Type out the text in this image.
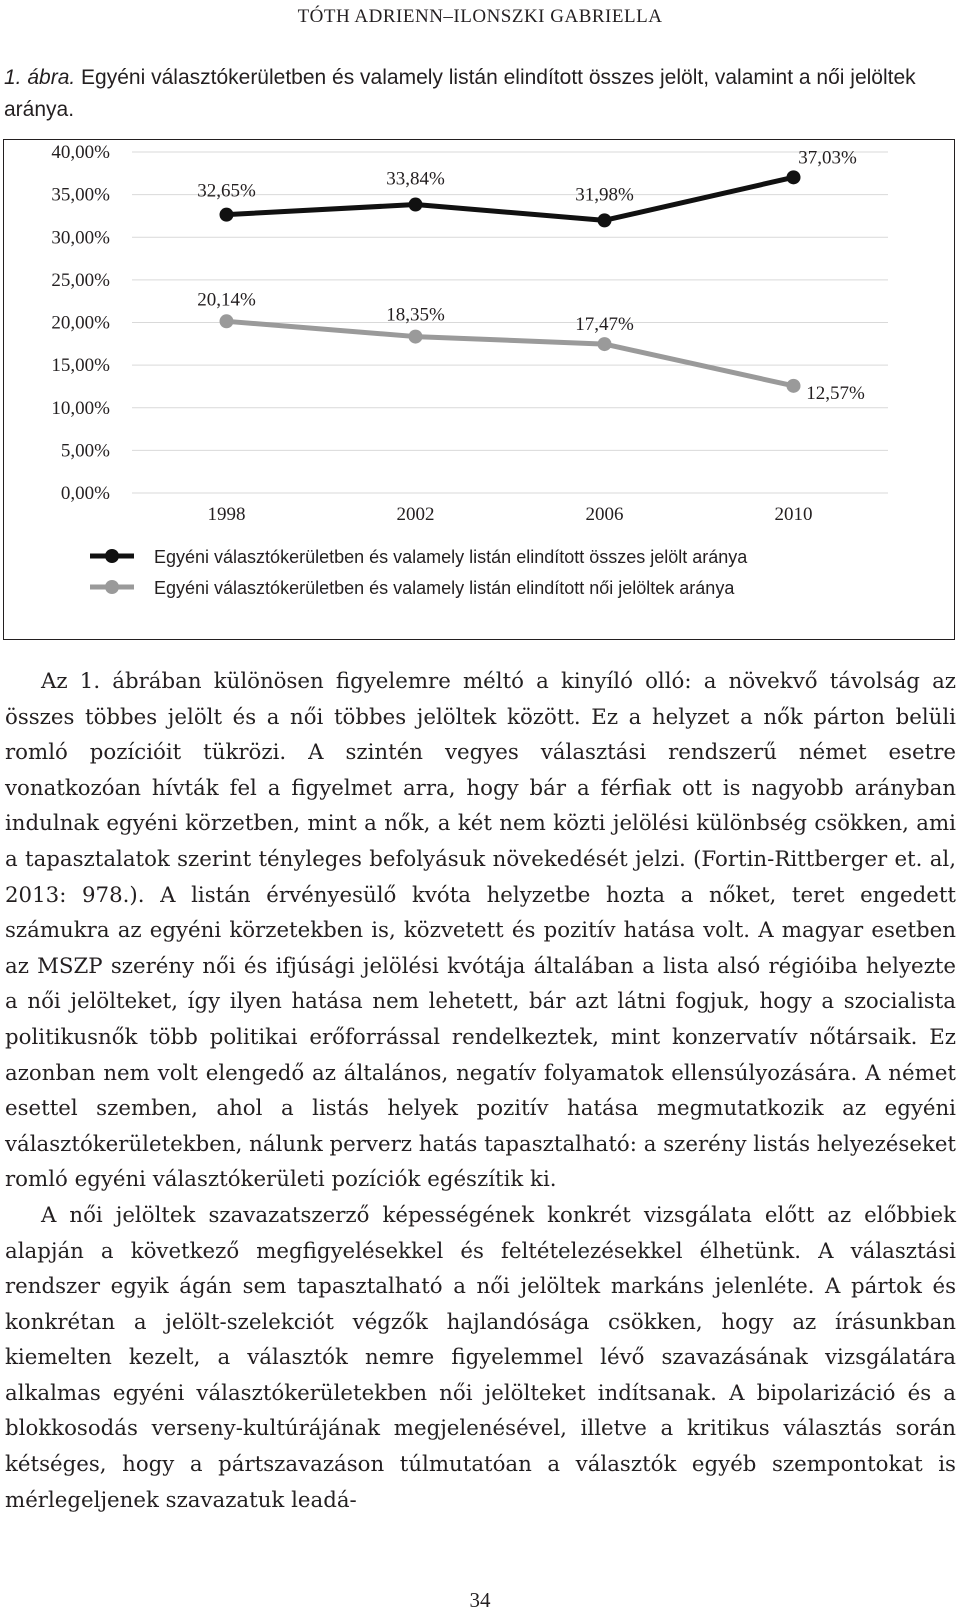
TÓTH ADRIENN–ILONSZKI GABRIELLA
1. ábra. Egyéni választókerületben és valamely listán elindított összes jelölt, valamint a női jelöltek aránya.
0,00%
5,00%
10,00%
15,00%
20,00%
25,00%
30,00%
35,00%
40,00%
1998	2002	2006	2010
32,65%
33,84%
31,98%
37,03%
20,14%
18,35%	17,47%
12,57%
Egyéni választókerületben és valamely listán elindított összes jelölt aránya
Egyéni választókerületben és valamely listán elindított női jelöltek aránya

Az 1. ábrában különösen figyelemre méltó a kinyíló olló: a növekvő távolság az összes többes jelölt és a női többes jelöltek között. Ez a helyzet a nők párton belüli romló pozícióit tükrözi. A szintén vegyes választási rendszerű német esetre vonatkozóan hívták fel a figyelmet arra, hogy bár a férfiak ott is nagyobb arányban indulnak egyéni körzetben, mint a nők, a két nem közti jelölési különbség csökken, ami a tapasztalatok szerint tényleges befolyásuk növekedését jelzi. (Fortin-Rittberger et. al, 2013: 978.). A listán érvényesülő kvóta helyzetbe hozta a nőket, teret engedett számukra az egyéni körzetekben is, közvetett és pozitív hatása volt. A magyar esetben az MSZP szerény női és ifjúsági jelölési kvótája általában a lista alsó régióiba helyezte a női jelölteket, így ilyen hatása nem lehetett, bár azt látni fogjuk, hogy a szocialista politikusnők több politikai erőforrással rendelkeztek, mint konzervatív nőtársaik. Ez azonban nem volt elengedő az általános, negatív folyamatok ellensúlyozására. A német esettel szemben, ahol a listás helyek pozitív hatása megmutatkozik az egyéni választókerületekben, nálunk perverz hatás tapasztalható: a szerény listás helyezéseket romló egyéni választókerületi pozíciók egészítik ki.

A női jelöltek szavazatszerző képességének konkrét vizsgálata előtt az előbbiek alapján a következő megfigyelésekkel és feltételezésekkel élhetünk. A választási rendszer egyik ágán sem tapasztalható a női jelöltek markáns jelenléte. A pártok és konkrétan a jelölt-szelekciót végzők hajlandósága csökken, hogy az írásunkban kiemelten kezelt, a választók nemre figyelemmel lévő szavazásának vizsgálatára alkalmas egyéni választókerületekben női jelölteket indítsanak. A bipolarizáció és a blokkosodás verseny-kultúrájának megjelenésével, illetve a kritikus választás során kétséges, hogy a pártszavazáson túlmutatóan a választók egyéb szempontokat is mérlegeljenek szavazatuk leadá-

34
